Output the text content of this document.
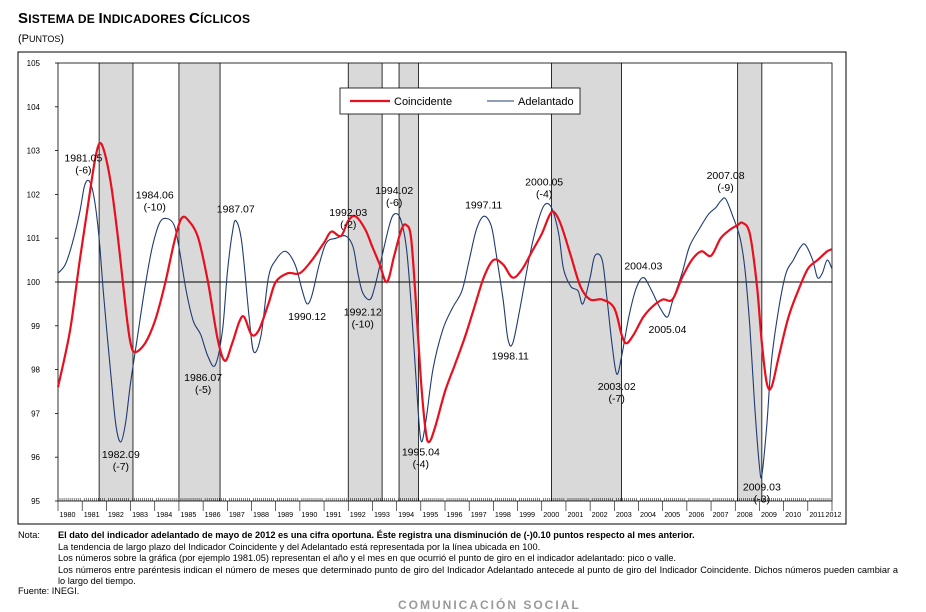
SISTEMA DE INDICADORES CÍCLICOS
(PUNTOS)
95
96
97
98
99
100
101
102
103
104
105
1980 1981 1982 1983 1984 1985 1986 1987 1988 1989 1990 1991 1992 1993 1994 1995 1996 1997 1998 1999 2000 2001 2002 2003 2004 2005 2006 2007 2008 2009 2010 2011 2012
1981.05
(-6)
1982.09
(-7)
1984.06
(-10)
1986.07
(-5)
1987.07
1990.12
1992.03
(-2)
1992.12
(-10)
1994.02
(-6)
1995.04
(-4)
1997.11
1998.11
2000.05
(-4)
2003.02
(-7)
2004.03
2005.04
2007.08
(-9)
2009.03
(-3)
Coincidente	Adelantado
Nota: El dato del indicador adelantado de mayo de 2012 es una cifra oportuna. Éste registra una disminución de (-)0.10 puntos respecto al mes anterior.
La tendencia de largo plazo del Indicador Coincidente y del Adelantado está representada por la línea ubicada en 100.
Los números sobre la gráfica (por ejemplo 1981.05) representan el año y el mes en que ocurrió el punto de giro en el indicador adelantado: pico o valle.
Los números entre paréntesis indican el número de meses que determinado punto de giro del Indicador Adelantado antecede al punto de giro del Indicador Coincidente. Dichos números pueden cambiar a lo largo del tiempo.
Fuente: INEGI.
COMUNICACIÓN SOCIAL
